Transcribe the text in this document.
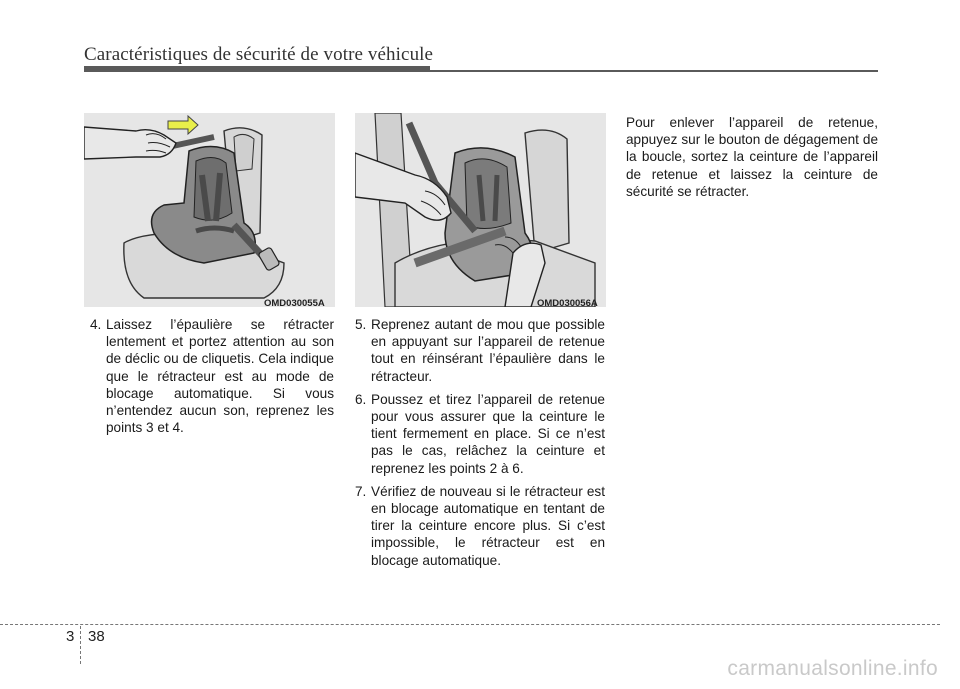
Caractéristiques de sécurité de votre véhicule
OMD030055A	OMD030056A
4. Laissez l’épaulière se rétracter lentement et portez attention au son de déclic ou de cliquetis. Cela indique que le rétracteur est au mode de blocage automatique. Si vous n’entendez aucun son, reprenez les points 3 et 4.
5. Reprenez autant de mou que possible en appuyant sur l’appareil de retenue tout en réinsérant l’épaulière dans le rétracteur.
6. Poussez et tirez l’appareil de retenue pour vous assurer que la ceinture le tient fermement en place. Si ce n’est pas le cas, relâchez la ceinture et reprenez les points 2 à 6.
7. Vérifiez de nouveau si le rétracteur est en blocage automatique en tentant de tirer la ceinture encore plus. Si c’est impossible, le rétracteur est en blocage automatique.
Pour enlever l’appareil de retenue, appuyez sur le bouton de dégagement de la boucle, sortez la ceinture de l’appareil de retenue et laissez la ceinture de sécurité se rétracter.
3 38
carmanualsonline.info
